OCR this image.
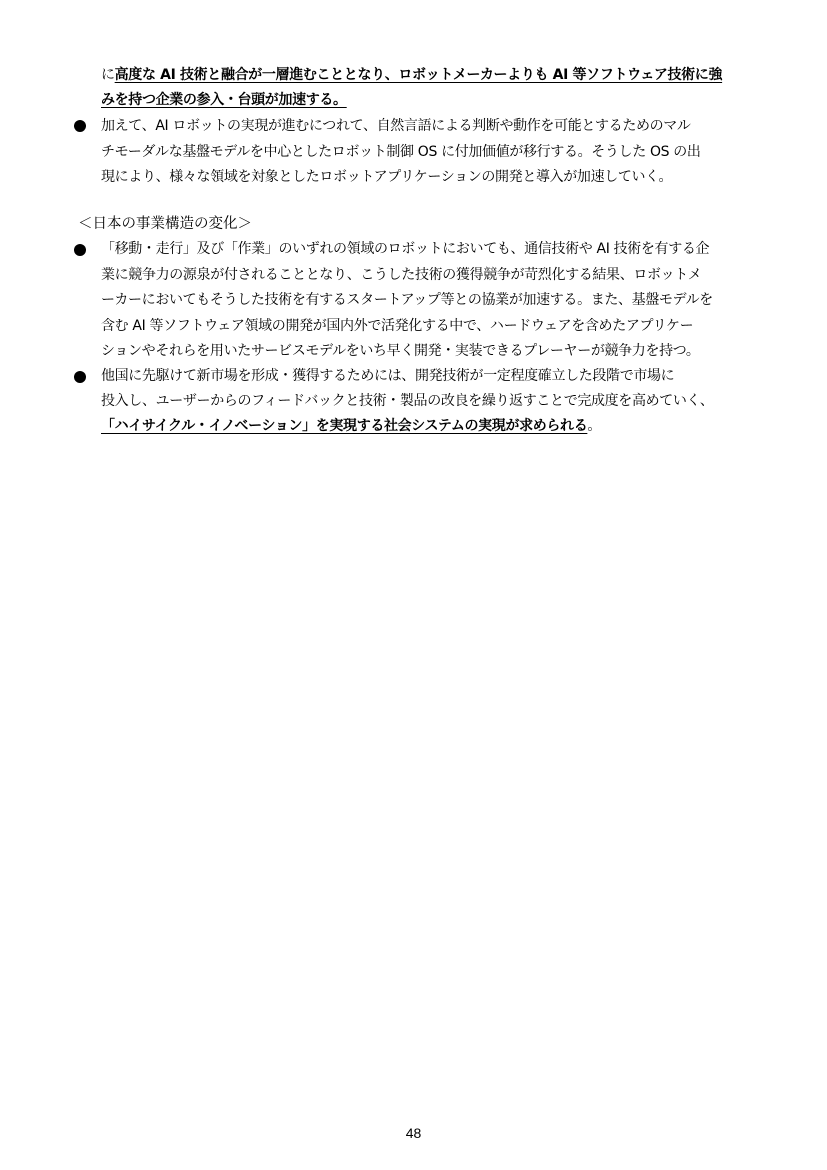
に高度な AI 技術と融合が一層進むこととなり、ロボットメーカーよりも AI 等ソフトウェア技術に強
みを持つ企業の参入・台頭が加速する。
加えて、AI ロボットの実現が進むにつれて、自然言語による判断や動作を可能とするためのマル
チモーダルな基盤モデルを中心としたロボット制御 OS に付加価値が移行する。そうした OS の出
現により、様々な領域を対象としたロボットアプリケーションの開発と導入が加速していく。
＜日本の事業構造の変化＞
「移動・走行」及び「作業」のいずれの領域のロボットにおいても、通信技術や AI 技術を有する企
業に競争力の源泉が付されることとなり、こうした技術の獲得競争が苛烈化する結果、ロボットメ
ーカーにおいてもそうした技術を有するスタートアップ等との協業が加速する。また、基盤モデルを
含む AI 等ソフトウェア領域の開発が国内外で活発化する中で、ハードウェアを含めたアプリケー
ションやそれらを用いたサービスモデルをいち早く開発・実装できるプレーヤーが競争力を持つ。
他国に先駆けて新市場を形成・獲得するためには、開発技術が一定程度確立した段階で市場に
投入し、ユーザーからのフィードバックと技術・製品の改良を繰り返すことで完成度を高めていく、
「ハイサイクル・イノベーション」を実現する社会システムの実現が求められる。
48
